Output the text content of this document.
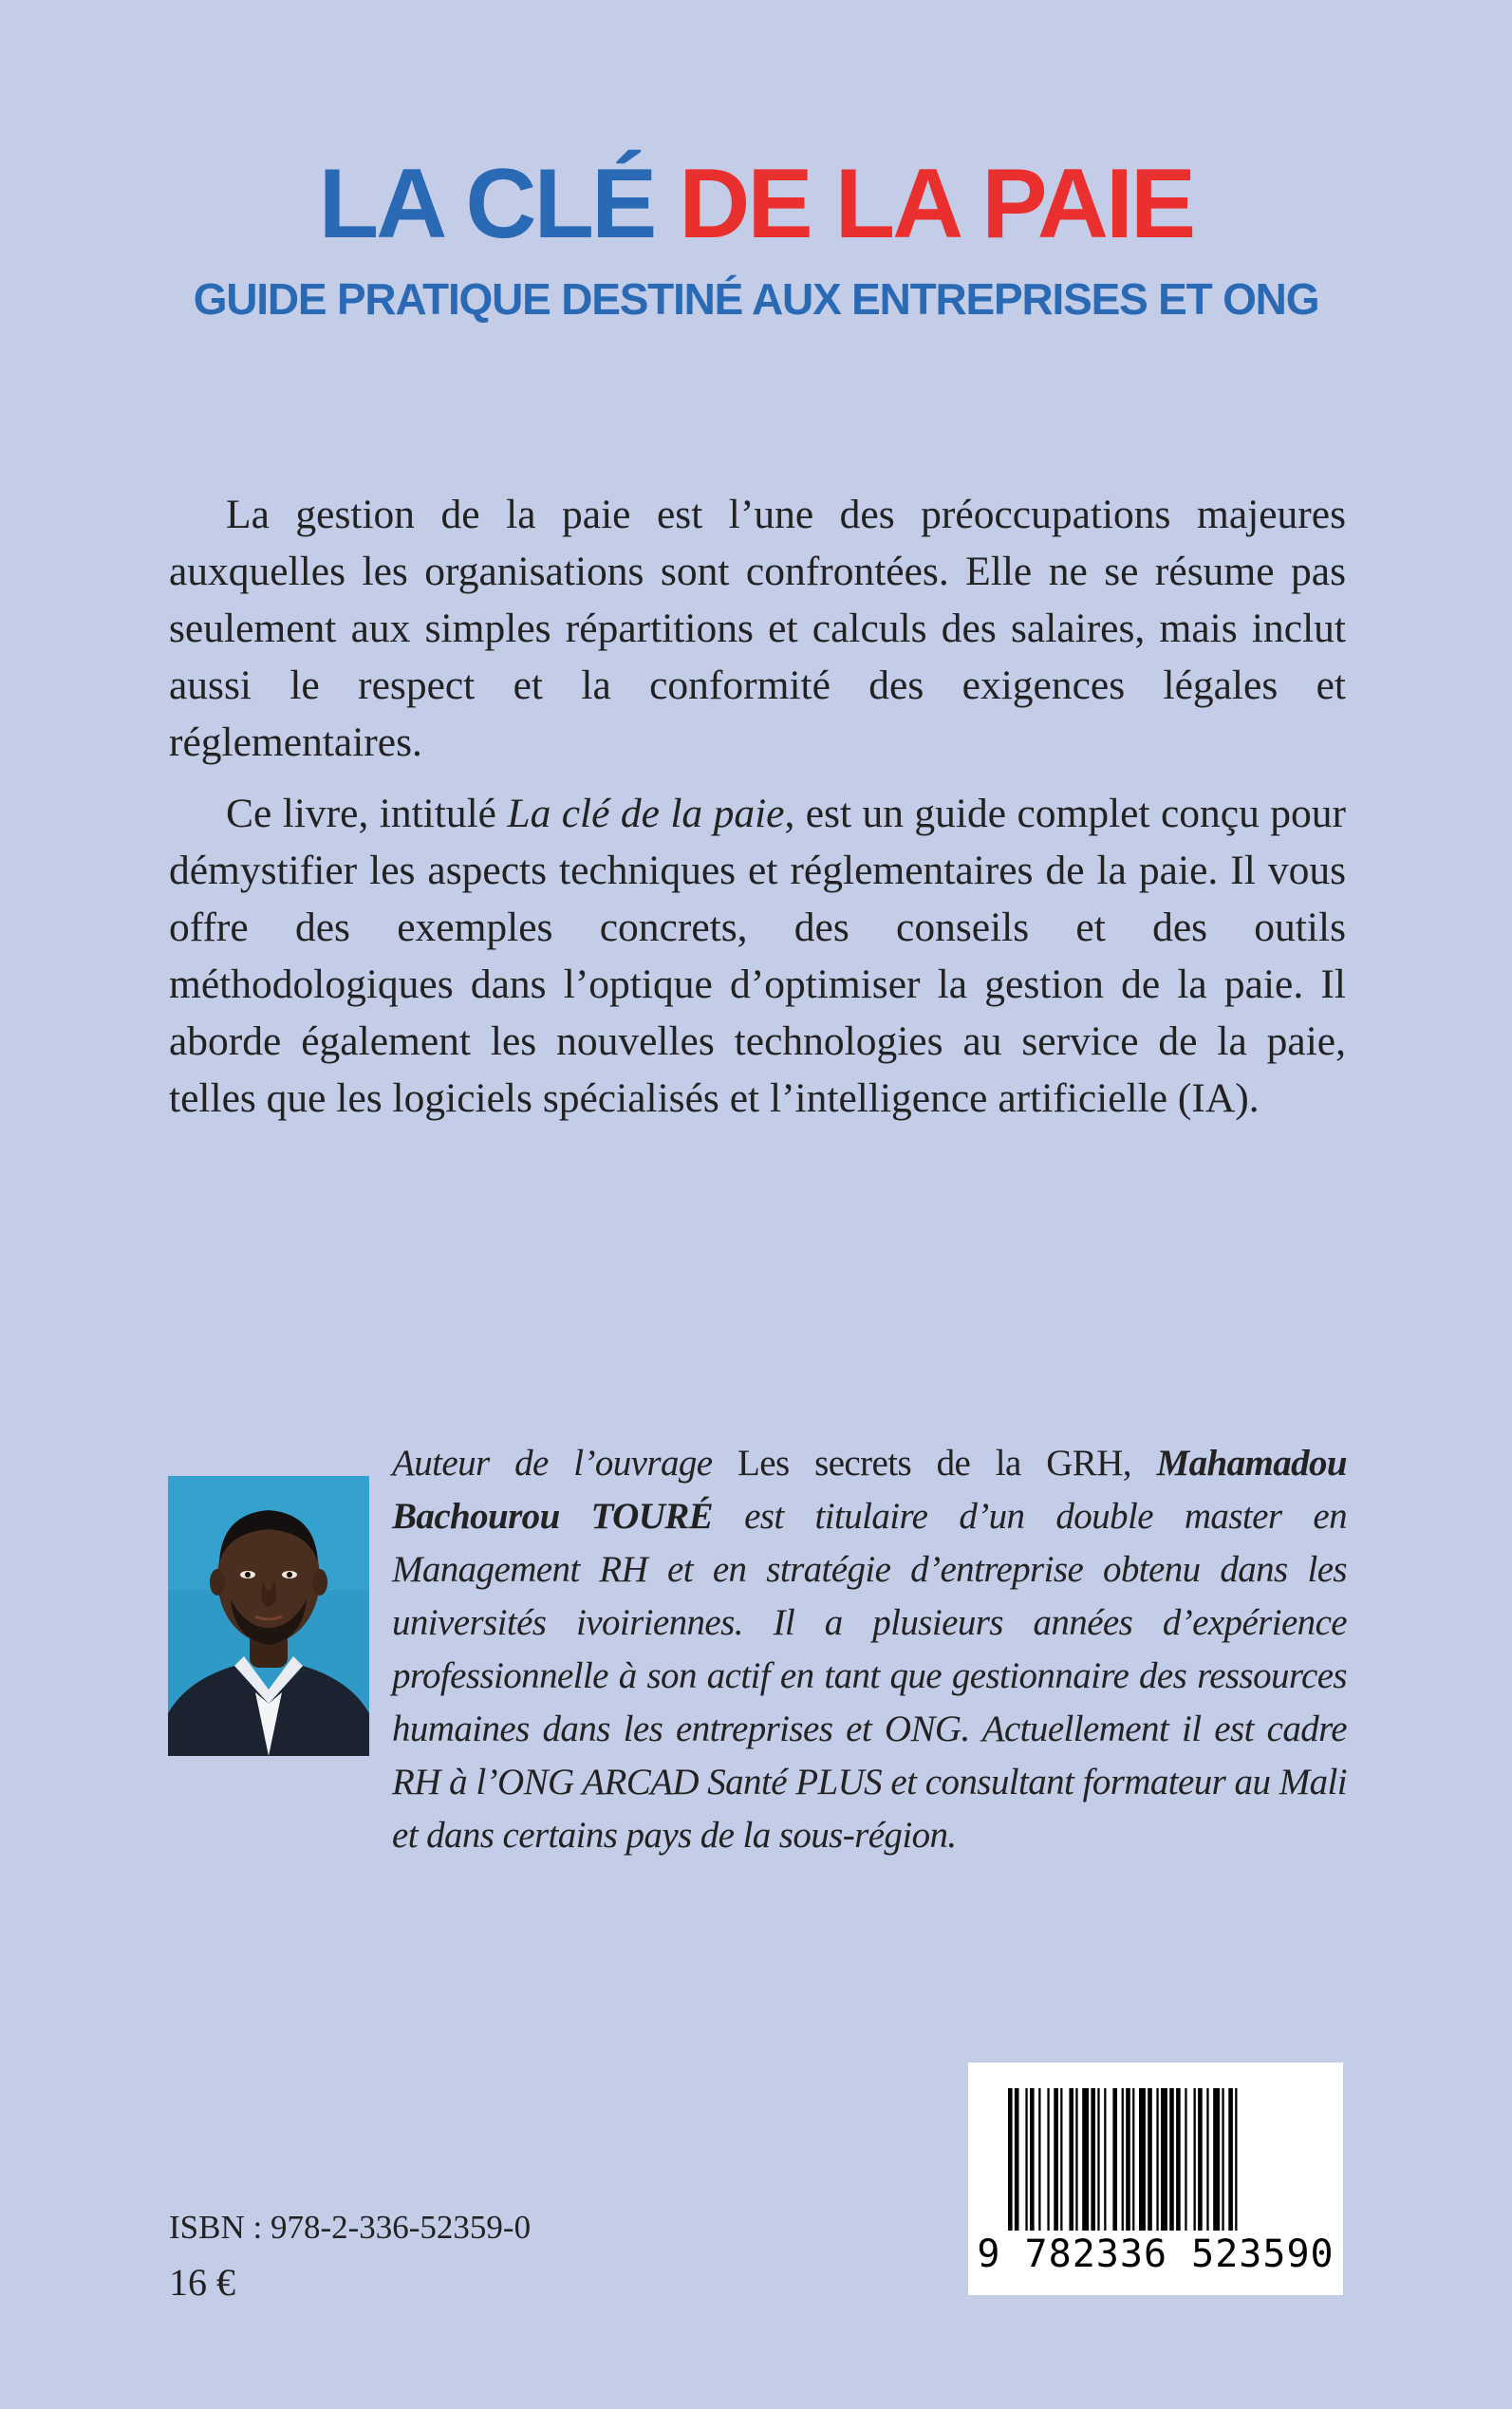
LA CLÉ DE LA PAIE
GUIDE PRATIQUE DESTINÉ AUX ENTREPRISES ET ONG

La gestion de la paie est l’une des préoccupations majeures auxquelles les organisations sont confrontées. Elle ne se résume pas seulement aux simples répartitions et calculs des salaires, mais inclut aussi le respect et la conformité des exigences légales et réglementaires.

Ce livre, intitulé La clé de la paie, est un guide complet conçu pour démystifier les aspects techniques et réglementaires de la paie. Il vous offre des exemples concrets, des conseils et des outils méthodologiques dans l’optique d’optimiser la gestion de la paie. Il aborde également les nouvelles technologies au service de la paie, telles que les logiciels spécialisés et l’intelligence artificielle (IA).

Auteur de l’ouvrage Les secrets de la GRH, Mahamadou Bachourou TOURÉ est titulaire d’un double master en Management RH et en stratégie d’entreprise obtenu dans les universités ivoiriennes. Il a plusieurs années d’expérience professionnelle à son actif en tant que gestionnaire des ressources humaines dans les entreprises et ONG. Actuellement il est cadre RH à l’ONG ARCAD Santé PLUS et consultant formateur au Mali et dans certains pays de la sous-région.

ISBN : 978-2-336-52359-0
16 €
9 782336 523590
